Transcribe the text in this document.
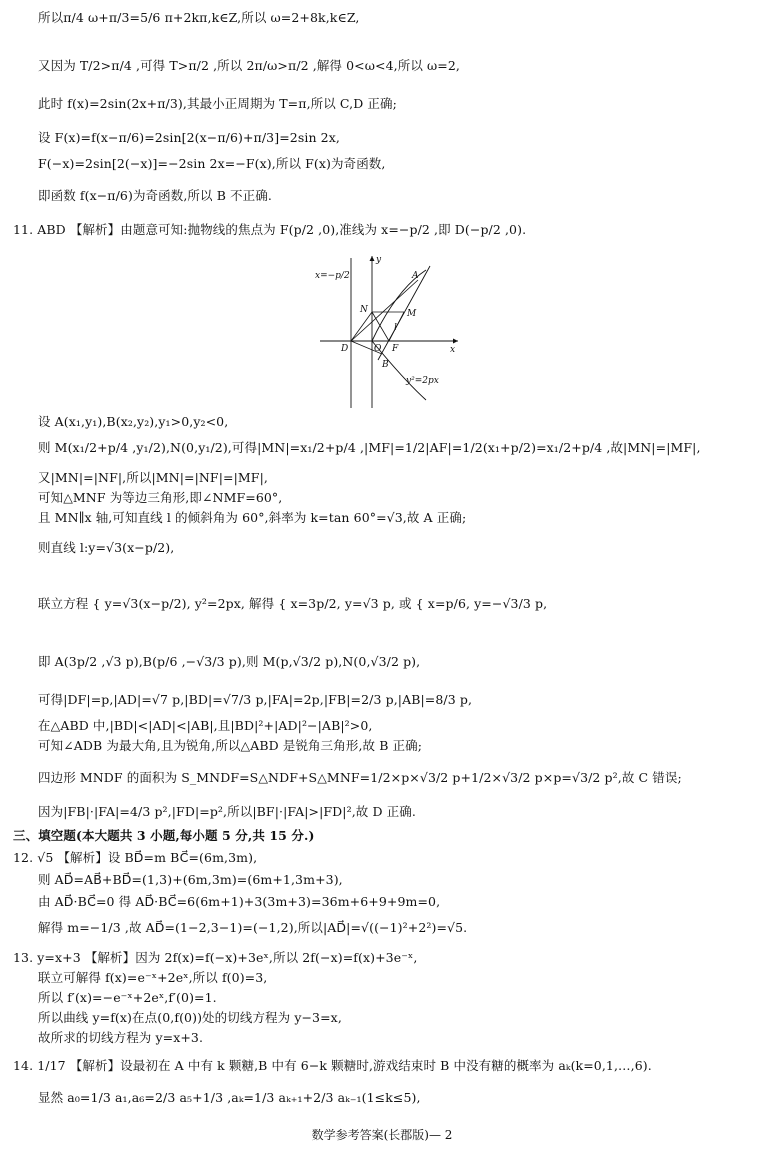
所以π/4 ω+π/3=5/6 π+2kπ,k∈Z,所以 ω=2+8k,k∈Z,
又因为 T/2>π/4 ,可得 T>π/2 ,所以 2π/ω>π/2 ,解得 0<ω<4,所以 ω=2,
此时 f(x)=2sin(2x+π/3),其最小正周期为 T=π,所以 C,D 正确;
设 F(x)=f(x−π/6)=2sin[2(x−π/6)+π/3]=2sin 2x,
F(−x)=2sin[2(−x)]=−2sin 2x=−F(x),所以 F(x)为奇函数,
即函数 f(x−π/6)为奇函数,所以 B 不正确.
11. ABD 【解析】由题意可知:抛物线的焦点为 F(p/2 ,0),准线为 x=−p/2 ,即 D(−p/2 ,0).
x=−p/2
y
x
A
M
N
l
D	O F
B
y²=2px
设 A(x₁,y₁),B(x₂,y₂),y₁>0,y₂<0,
则 M(x₁/2+p/4 ,y₁/2),N(0,y₁/2),可得|MN|=x₁/2+p/4 ,|MF|=1/2|AF|=1/2(x₁+p/2)=x₁/2+p/4 ,故|MN|=|MF|,
又|MN|=|NF|,所以|MN|=|NF|=|MF|,
可知△MNF 为等边三角形,即∠NMF=60°,
且 MN∥x 轴,可知直线 l 的倾斜角为 60°,斜率为 k=tan 60°=√3,故 A 正确;
则直线 l:y=√3(x−p/2),
联立方程 { y=√3(x−p/2), y²=2px, 解得 { x=3p/2, y=√3 p, 或 { x=p/6, y=−√3/3 p,
即 A(3p/2 ,√3 p),B(p/6 ,−√3/3 p),则 M(p,√3/2 p),N(0,√3/2 p),
可得|DF|=p,|AD|=√7 p,|BD|=√7/3 p,|FA|=2p,|FB|=2/3 p,|AB|=8/3 p,
在△ABD 中,|BD|<|AD|<|AB|,且|BD|²+|AD|²−|AB|²>0,
可知∠ADB 为最大角,且为锐角,所以△ABD 是锐角三角形,故 B 正确;
四边形 MNDF 的面积为 S_MNDF=S△NDF+S△MNF=1/2×p×√3/2 p+1/2×√3/2 p×p=√3/2 p²,故 C 错误;
因为|FB|·|FA|=4/3 p²,|FD|=p²,所以|BF|·|FA|>|FD|²,故 D 正确.
三、填空题(本大题共 3 小题,每小题 5 分,共 15 分.)
12. √5 【解析】设 BD⃗=m BC⃗=(6m,3m),
则 AD⃗=AB⃗+BD⃗=(1,3)+(6m,3m)=(6m+1,3m+3),
由 AD⃗·BC⃗=0 得 AD⃗·BC⃗=6(6m+1)+3(3m+3)=36m+6+9+9m=0,
解得 m=−1/3 ,故 AD⃗=(1−2,3−1)=(−1,2),所以|AD⃗|=√((−1)²+2²)=√5.
13. y=x+3 【解析】因为 2f(x)=f(−x)+3eˣ,所以 2f(−x)=f(x)+3e⁻ˣ,
联立可解得 f(x)=e⁻ˣ+2eˣ,所以 f(0)=3,
所以 f′(x)=−e⁻ˣ+2eˣ,f′(0)=1.
所以曲线 y=f(x)在点(0,f(0))处的切线方程为 y−3=x,
故所求的切线方程为 y=x+3.
14. 1/17 【解析】设最初在 A 中有 k 颗糖,B 中有 6−k 颗糖时,游戏结束时 B 中没有糖的概率为 aₖ(k=0,1,…,6).
显然 a₀=1/3 a₁,a₆=2/3 a₅+1/3 ,aₖ=1/3 aₖ₊₁+2/3 aₖ₋₁(1≤k≤5),
数学参考答案(长郡版)— 2
